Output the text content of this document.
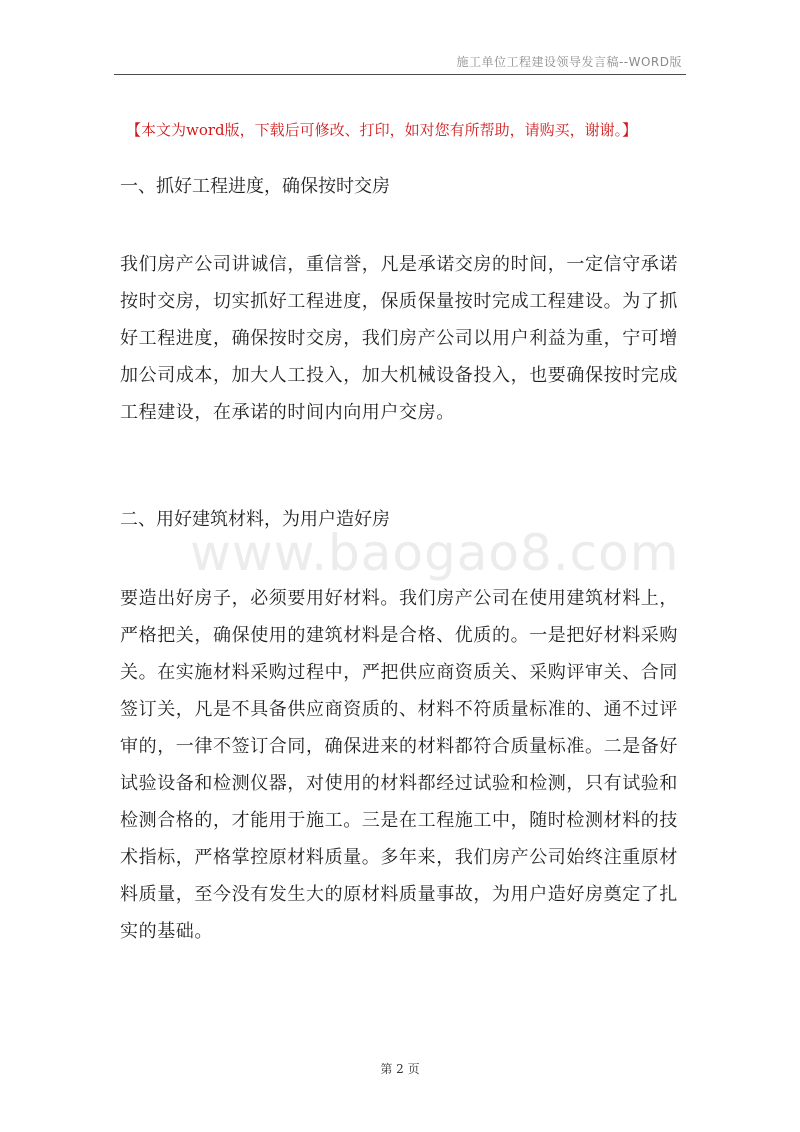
施工单位工程建设领导发言稿--WORD版
【本文为word版，下载后可修改、打印，如对您有所帮助，请购买，谢谢。】
一、抓好工程进度，确保按时交房
我们房产公司讲诚信，重信誉，凡是承诺交房的时间，一定信守承诺
按时交房，切实抓好工程进度，保质保量按时完成工程建设。为了抓
好工程进度，确保按时交房，我们房产公司以用户利益为重，宁可增
加公司成本，加大人工投入，加大机械设备投入，也要确保按时完成
工程建设，在承诺的时间内向用户交房。
二、用好建筑材料，为用户造好房
www.baogao8.com
要造出好房子，必须要用好材料。我们房产公司在使用建筑材料上，
严格把关，确保使用的建筑材料是合格、优质的。一是把好材料采购
关。在实施材料采购过程中，严把供应商资质关、采购评审关、合同
签订关，凡是不具备供应商资质的、材料不符质量标准的、通不过评
审的，一律不签订合同，确保进来的材料都符合质量标准。二是备好
试验设备和检测仪器，对使用的材料都经过试验和检测，只有试验和
检测合格的，才能用于施工。三是在工程施工中，随时检测材料的技
术指标，严格掌控原材料质量。多年来，我们房产公司始终注重原材
料质量，至今没有发生大的原材料质量事故，为用户造好房奠定了扎
实的基础。
第 2 页
